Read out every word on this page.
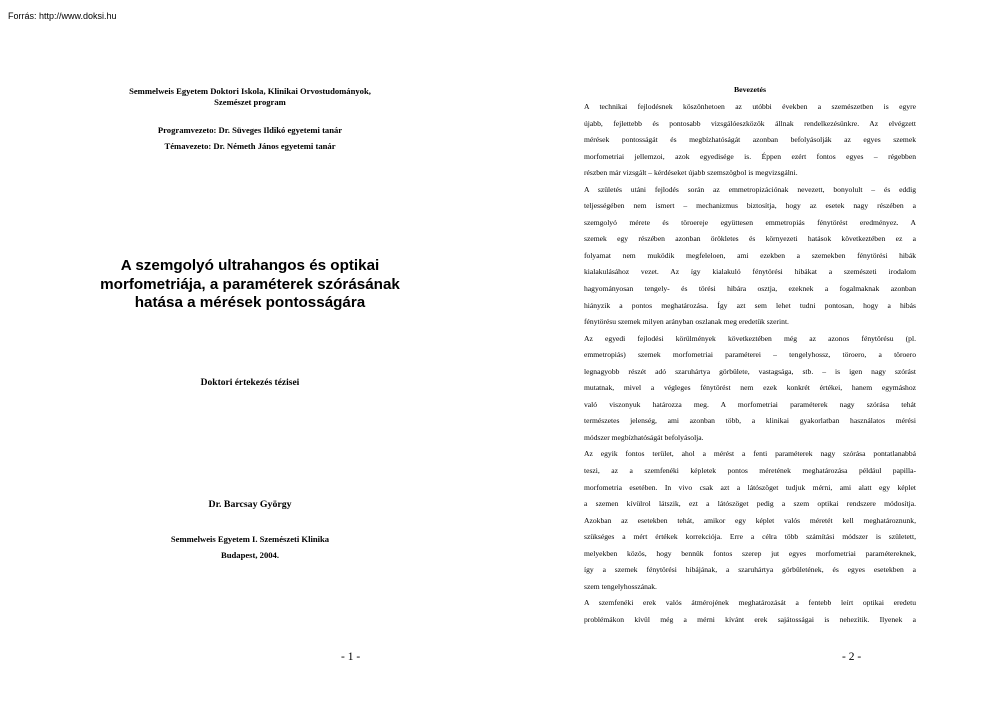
Forrás: http://www.doksi.hu
Semmelweis Egyetem Doktori Iskola, Klinikai Orvostudományok,
Szemészet program
Programvezeto: Dr. Süveges Ildikó egyetemi tanár
Témavezeto: Dr. Németh János egyetemi tanár
A szemgolyó ultrahangos és optikai
morfometriája, a paraméterek szórásának
hatása a mérések pontosságára
Doktori értekezés tézisei
Dr. Barcsay György
Semmelweis Egyetem I. Szemészeti Klinika
Budapest, 2004.
- 1 -
Bevezetés
A technikai fejlodésnek köszönhetoen az utóbbi években a szemészetben is egyre
újabb, fejlettebb és pontosabb vizsgálóeszközök állnak rendelkezésünkre. Az elvégzett
mérések pontosságát és megbízhatóságát azonban befolyásolják az egyes szemek
morfometriai jellemzoi, azok egyedisége is. Éppen ezért fontos egyes – régebben
részben már vizsgált – kérdéseket újabb szemszögbol is megvizsgálni.
A születés utáni fejlodés során az emmetropizációnak nevezett, bonyolult – és eddig
teljességében nem ismert – mechanizmus biztosítja, hogy az esetek nagy részében a
szemgolyó mérete és töroereje együttesen emmetropiás fénytörést eredményez. A
szemek egy részében azonban örökletes és környezeti hatások következtében ez a
folyamat nem muködik megfeleloen, ami ezekben a szemekben fénytörési hibák
kialakulásához vezet. Az így kialakuló fénytörési hibákat a szemészeti irodalom
hagyományosan tengely- és törési hibára osztja, ezeknek a fogalmaknak azonban
hiányzik a pontos meghatározása. Így azt sem lehet tudni pontosan, hogy a hibás
fénytörésu szemek milyen arányban oszlanak meg eredetük szerint.
Az egyedi fejlodési körülmények következtében még az azonos fénytörésu (pl.
emmetropiás) szemek morfometriai paraméterei – tengelyhossz, töroero, a töroero
legnagyobb részét adó szaruhártya görbülete, vastagsága, stb. – is igen nagy szórást
mutatnak, mivel a végleges fénytörést nem ezek konkrét értékei, hanem egymáshoz
való viszonyuk határozza meg. A morfometriai paraméterek nagy szórása tehát
természetes jelenség, ami azonban több, a klinikai gyakorlatban használatos mérési
módszer megbízhatóságát befolyásolja.
Az egyik fontos terület, ahol a mérést a fenti paraméterek nagy szórása pontatlanabbá
teszi, az a szemfenéki képletek pontos méretének meghatározása például papilla-
morfometria esetében. In vivo csak azt a látószöget tudjuk mérni, ami alatt egy képlet
a szemen kívülrol látszik, ezt a látószöget pedig a szem optikai rendszere módosítja.
Azokban az esetekben tehát, amikor egy képlet valós méretét kell meghatároznunk,
szükséges a mért értékek korrekciója. Erre a célra több számítási módszer is született,
melyekben közös, hogy bennük fontos szerep jut egyes morfometriai paramétereknek,
így a szemek fénytörési hibájának, a szaruhártya görbületének, és egyes esetekben a
szem tengelyhosszának.
A szemfenéki erek valós átmérojének meghatározását a fentebb leírt optikai eredetu
problémákon kívül még a mérni kívánt erek sajátosságai is nehezítik. Ilyenek a
- 2 -
